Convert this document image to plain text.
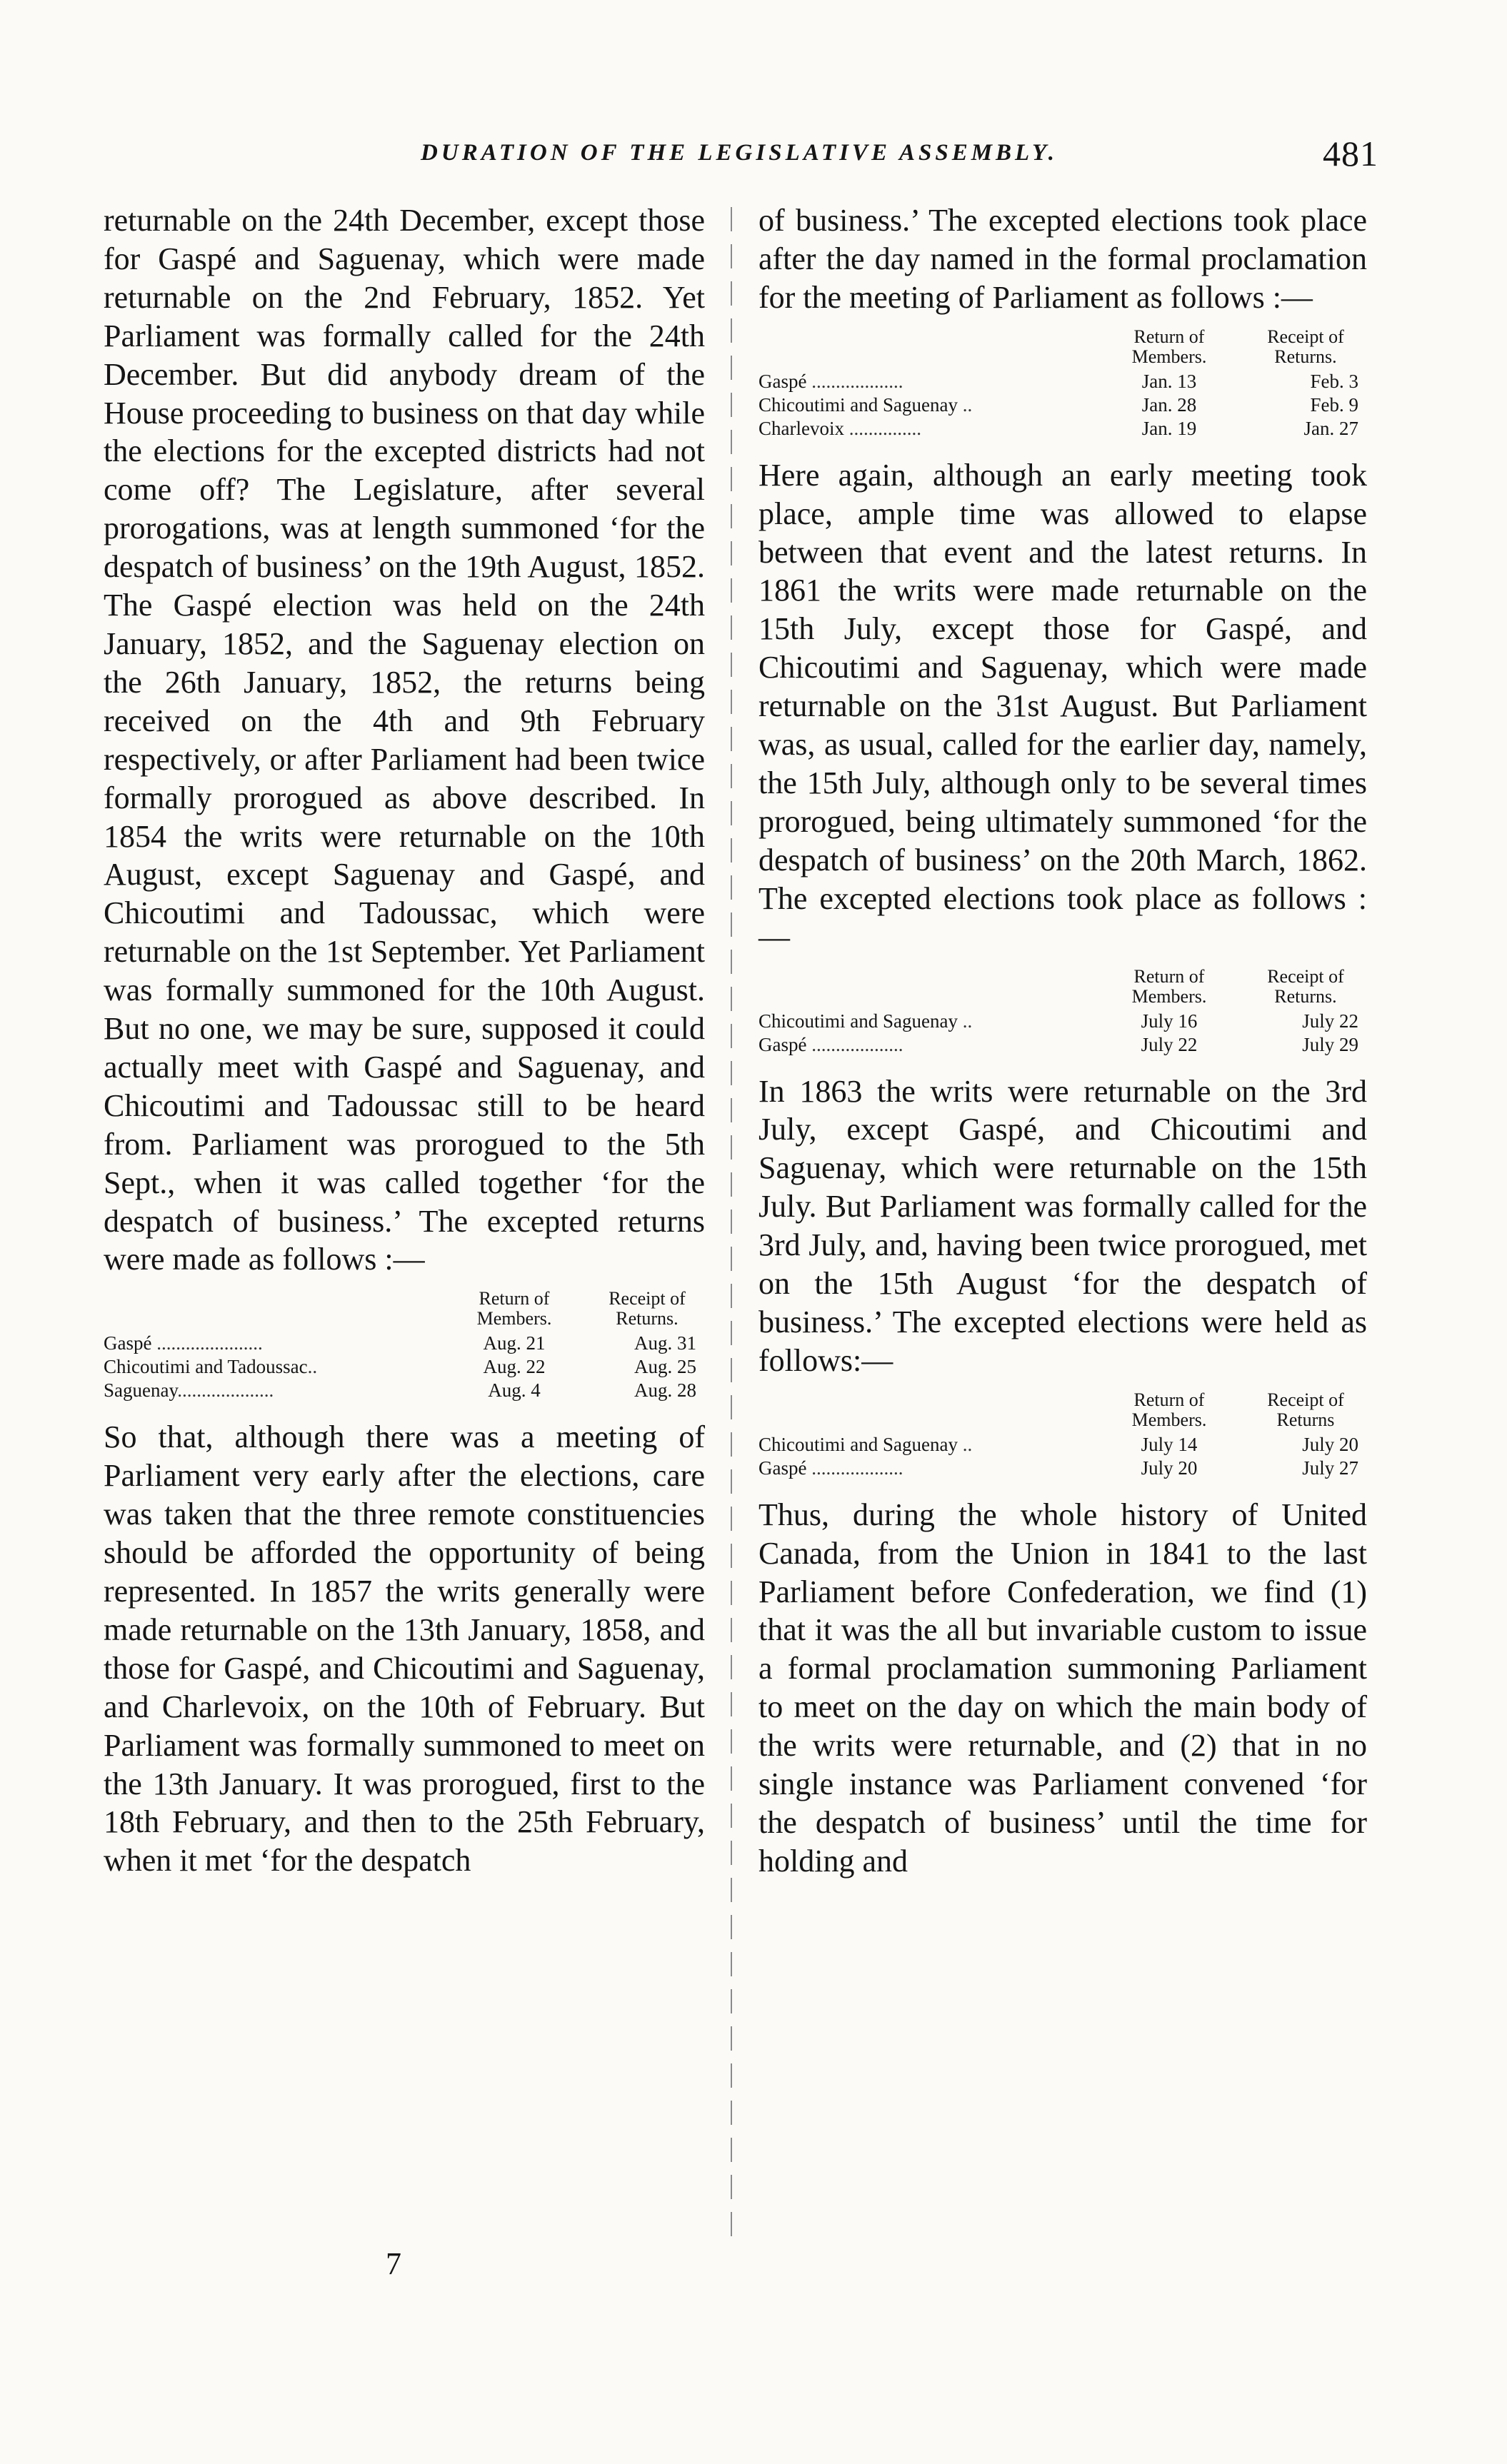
DURATION OF THE LEGISLATIVE ASSEMBLY.	481

returnable on the 24th December, except those for Gaspé and Saguenay, which were made returnable on the 2nd February, 1852. Yet Parliament was formally called for the 24th December. But did anybody dream of the House proceeding to business on that day while the elections for the excepted districts had not come off? The Legislature, after several prorogations, was at length summoned ‘for the despatch of business’ on the 19th August, 1852. The Gaspé election was held on the 24th January, 1852, and the Saguenay election on the 26th January, 1852, the returns being received on the 4th and 9th February respectively, or after Parliament had been twice formally prorogued as above described. In 1854 the writs were returnable on the 10th August, except Saguenay and Gaspé, and Chicoutimi and Tadoussac, which were returnable on the 1st September. Yet Parliament was formally summoned for the 10th August. But no one, we may be sure, supposed it could actually meet with Gaspé and Saguenay, and Chicoutimi and Tadoussac still to be heard from. Parliament was prorogued to the 5th Sept., when it was called together ‘for the despatch of business.’ The excepted returns were made as follows :—

	Return of Members.	Receipt of Returns.
Gaspé ......................	Aug. 21	Aug. 31
Chicoutimi and Tadoussac..	Aug. 22	Aug. 25
Saguenay....................	Aug. 4	Aug. 28

So that, although there was a meeting of Parliament very early after the elections, care was taken that the three remote constituencies should be afforded the opportunity of being represented. In 1857 the writs generally were made returnable on the 13th January, 1858, and those for Gaspé, and Chicoutimi and Saguenay, and Charlevoix, on the 10th of February. But Parliament was formally summoned to meet on the 13th January. It was prorogued, first to the 18th February, and then to the 25th February, when it met ‘for the despatch

7

of business.’ The excepted elections took place after the day named in the formal proclamation for the meeting of Parliament as follows :—

	Return of Members.	Receipt of Returns.
Gaspé ...................	Jan. 13	Feb. 3
Chicoutimi and Saguenay ..	Jan. 28	Feb. 9
Charlevoix ...............	Jan. 19	Jan. 27

Here again, although an early meeting took place, ample time was allowed to elapse between that event and the latest returns. In 1861 the writs were made returnable on the 15th July, except those for Gaspé, and Chicoutimi and Saguenay, which were made returnable on the 31st August. But Parliament was, as usual, called for the earlier day, namely, the 15th July, although only to be several times prorogued, being ultimately summoned ‘for the despatch of business’ on the 20th March, 1862. The excepted elections took place as follows :—

	Return of Members.	Receipt of Returns.
Chicoutimi and Saguenay ..	July 16	July 22
Gaspé ...................	July 22	July 29

In 1863 the writs were returnable on the 3rd July, except Gaspé, and Chicoutimi and Saguenay, which were returnable on the 15th July. But Parliament was formally called for the 3rd July, and, having been twice prorogued, met on the 15th August ‘for the despatch of business.’ The excepted elections were held as follows:—

	Return of Members.	Receipt of Returns
Chicoutimi and Saguenay ..	July 14	July 20
Gaspé ...................	July 20	July 27

Thus, during the whole history of United Canada, from the Union in 1841 to the last Parliament before Confederation, we find (1) that it was the all but invariable custom to issue a formal proclamation summoning Parliament to meet on the day on which the main body of the writs were returnable, and (2) that in no single instance was Parliament convened ‘for the despatch of business’ until the time for holding and
